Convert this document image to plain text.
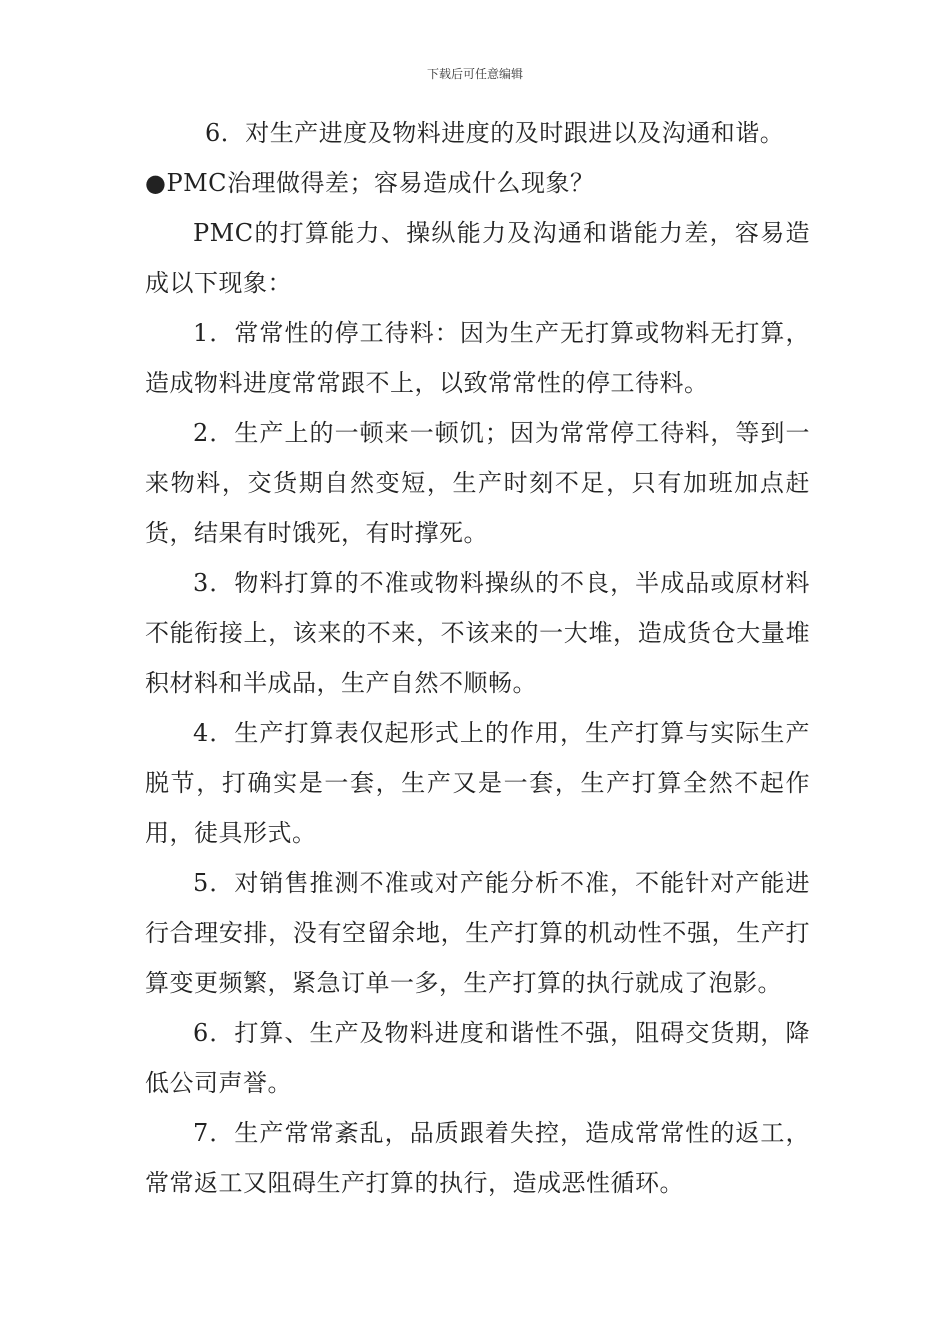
下载后可任意编辑

6．对生产进度及物料进度的及时跟进以及沟通和谐。

●PMC治理做得差；容易造成什么现象？

PMC的打算能力、操纵能力及沟通和谐能力差，容易造成以下现象：

1．常常性的停工待料：因为生产无打算或物料无打算，造成物料进度常常跟不上，以致常常性的停工待料。

2．生产上的一顿来一顿饥；因为常常停工待料，等到一来物料，交货期自然变短，生产时刻不足，只有加班加点赶货，结果有时饿死，有时撑死。

3．物料打算的不准或物料操纵的不良，半成品或原材料不能衔接上，该来的不来，不该来的一大堆，造成货仓大量堆积材料和半成品，生产自然不顺畅。

4．生产打算表仅起形式上的作用，生产打算与实际生产脱节，打确实是一套，生产又是一套，生产打算全然不起作用，徒具形式。

5．对销售推测不准或对产能分析不准，不能针对产能进行合理安排，没有空留余地，生产打算的机动性不强，生产打算变更频繁，紧急订单一多，生产打算的执行就成了泡影。

6．打算、生产及物料进度和谐性不强，阻碍交货期，降低公司声誉。

7．生产常常紊乱，品质跟着失控，造成常常性的返工，常常返工又阻碍生产打算的执行，造成恶性循环。
